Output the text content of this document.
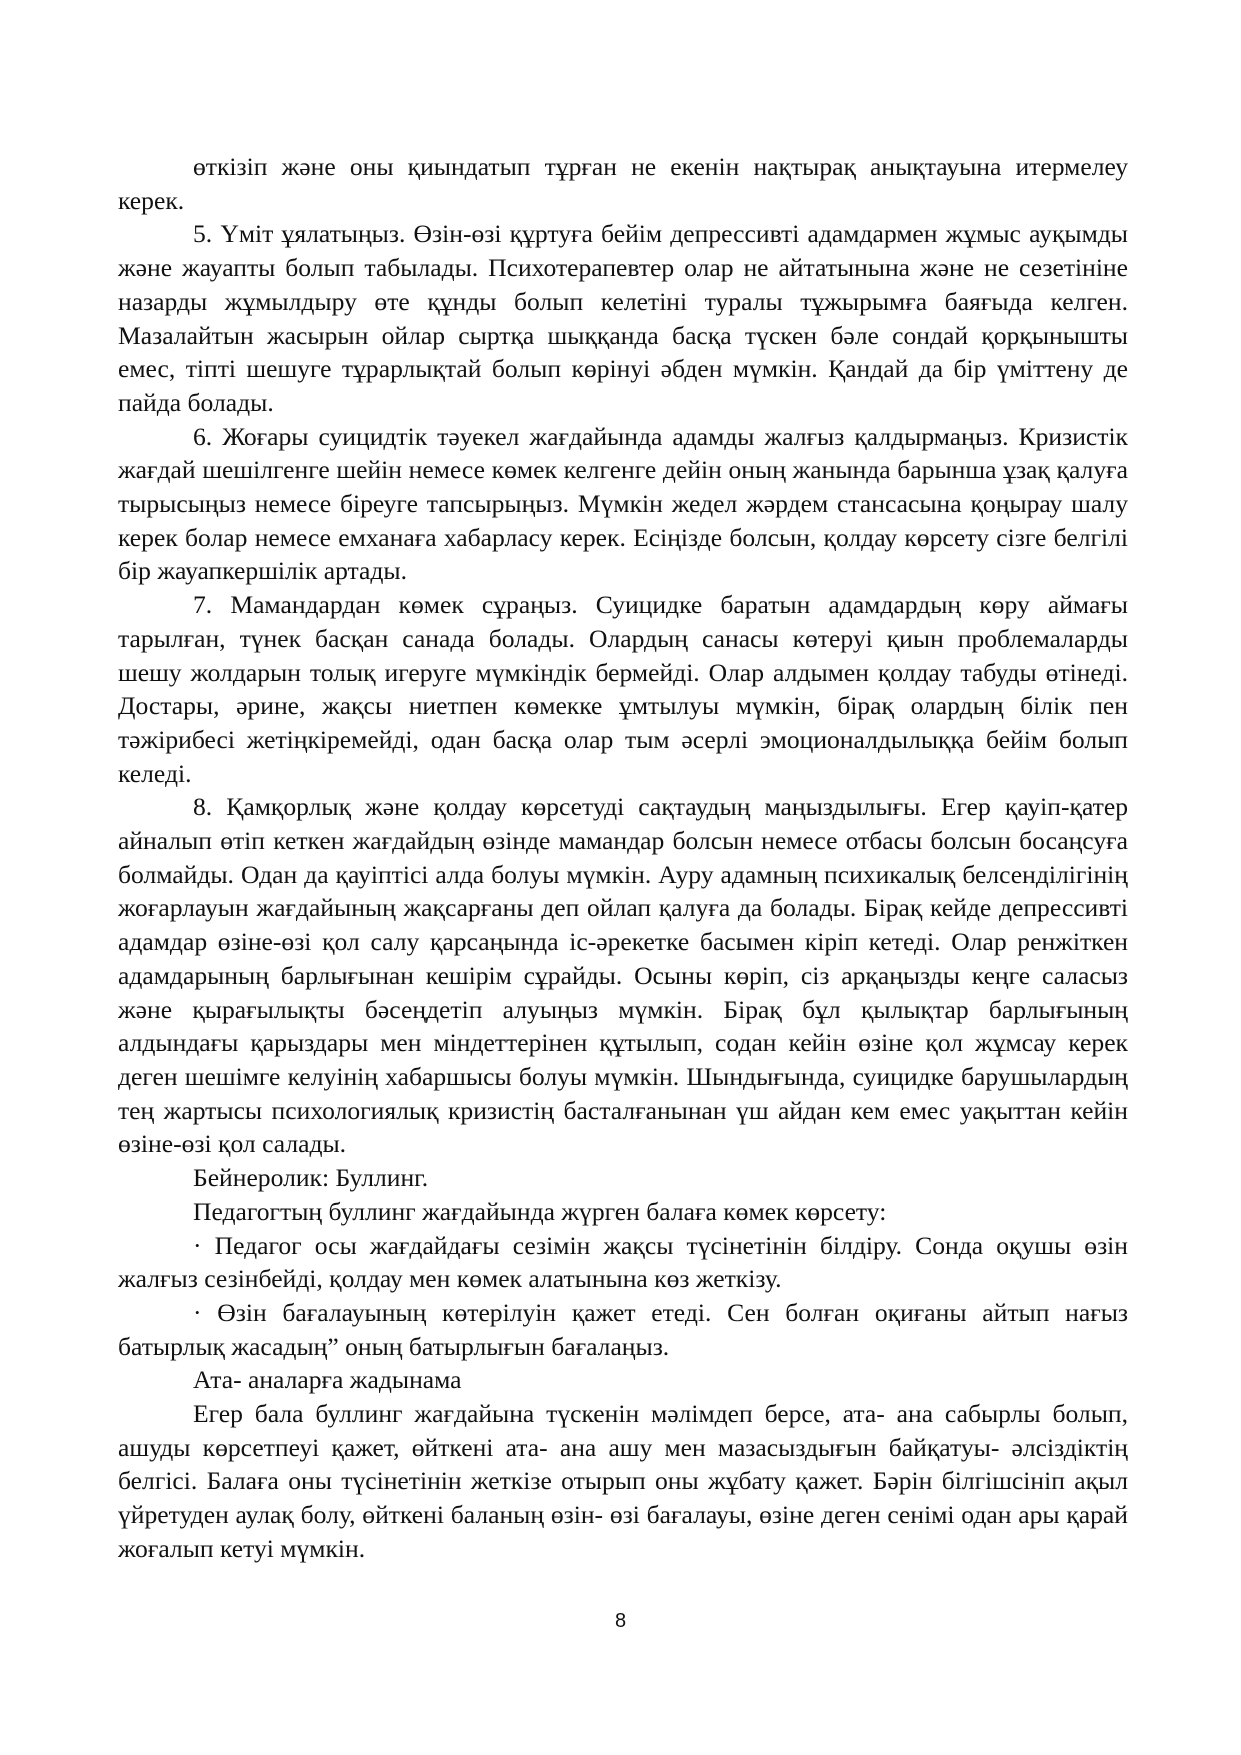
өткізіп және оны қиындатып тұрған не екенін нақтырақ анықтауына итермелеу керек.

5. Үміт ұялатыңыз. Өзін-өзі құртуға бейім депрессивті адамдармен жұмыс ауқымды және жауапты болып табылады. Психотерапевтер олар не айтатынына және не сезетініне назарды жұмылдыру өте құнды болып келетіні туралы тұжырымға баяғыда келген. Мазалайтын жасырын ойлар сыртқа шыққанда басқа түскен бәле сондай қорқынышты емес, тіпті шешуге тұрарлықтай болып көрінуі әбден мүмкін. Қандай да бір үміттену де пайда болады.

6. Жоғары суицидтік тәуекел жағдайында адамды жалғыз қалдырмаңыз. Кризистік жағдай шешілгенге шейін немесе көмек келгенге дейін оның жанында барынша ұзақ қалуға тырысыңыз немесе біреуге тапсырыңыз. Мүмкін жедел жәрдем стансасына қоңырау шалу керек болар немесе емханаға хабарласу керек. Есіңізде болсын, қолдау көрсету сізге белгілі бір жауапкершілік артады.

7. Мамандардан көмек сұраңыз. Суицидке баратын адамдардың көру аймағы тарылған, түнек басқан санада болады. Олардың санасы көтеруі қиын проблемаларды шешу жолдарын толық игеруге мүмкіндік бермейді. Олар алдымен қолдау табуды өтінеді. Достары, әрине, жақсы ниетпен көмекке ұмтылуы мүмкін, бірақ олардың білік пен тәжірибесі жетіңкіремейді, одан басқа олар тым әсерлі эмоционалдылыққа бейім болып келеді.

8. Қамқорлық және қолдау көрсетуді сақтаудың маңыздылығы. Егер қауіп-қатер айналып өтіп кеткен жағдайдың өзінде мамандар болсын немесе отбасы болсын босаңсуға болмайды. Одан да қауіптісі алда болуы мүмкін. Ауру адамның психикалық белсенділігінің жоғарлауын жағдайының жақсарғаны деп ойлап қалуға да болады. Бірақ кейде депрессивті адамдар өзіне-өзі қол салу қарсаңында іс-әрекетке басымен кіріп кетеді. Олар ренжіткен адамдарының барлығынан кешірім сұрайды. Осыны көріп, сіз арқаңызды кеңге саласыз және қырағылықты бәсеңдетіп алуыңыз мүмкін. Бірақ бұл қылықтар барлығының алдындағы қарыздары мен міндеттерінен құтылып, содан кейін өзіне қол жұмсау керек деген шешімге келуінің хабаршысы болуы мүмкін. Шындығында, суицидке барушылардың тең жартысы психологиялық кризистің басталғанынан үш айдан кем емес уақыттан кейін өзіне-өзі қол салады.

Бейнеролик: Буллинг.

Педагогтың буллинг жағдайында жүрген балаға көмек көрсету:

· Педагог осы жағдайдағы сезімін жақсы түсінетінін білдіру. Сонда оқушы өзін жалғыз сезінбейді, қолдау мен көмек алатынына көз жеткізу.

· Өзін бағалауының көтерілуін қажет етеді. Сен болған оқиғаны айтып нағыз батырлық жасадың” оның батырлығын бағалаңыз.

Ата- аналарға жадынама

Егер бала буллинг жағдайына түскенін мәлімдеп берсе, ата- ана сабырлы болып, ашуды көрсетпеуі қажет, өйткені ата- ана ашу мен мазасыздығын байқатуы- әлсіздіктің белгісі. Балаға оны түсінетінін жеткізе отырып оны жұбату қажет. Бәрін білгішсініп ақыл үйретуден аулақ болу, өйткені баланың өзін- өзі бағалауы, өзіне деген сенімі одан ары қарай жоғалып кетуі мүмкін.

8
